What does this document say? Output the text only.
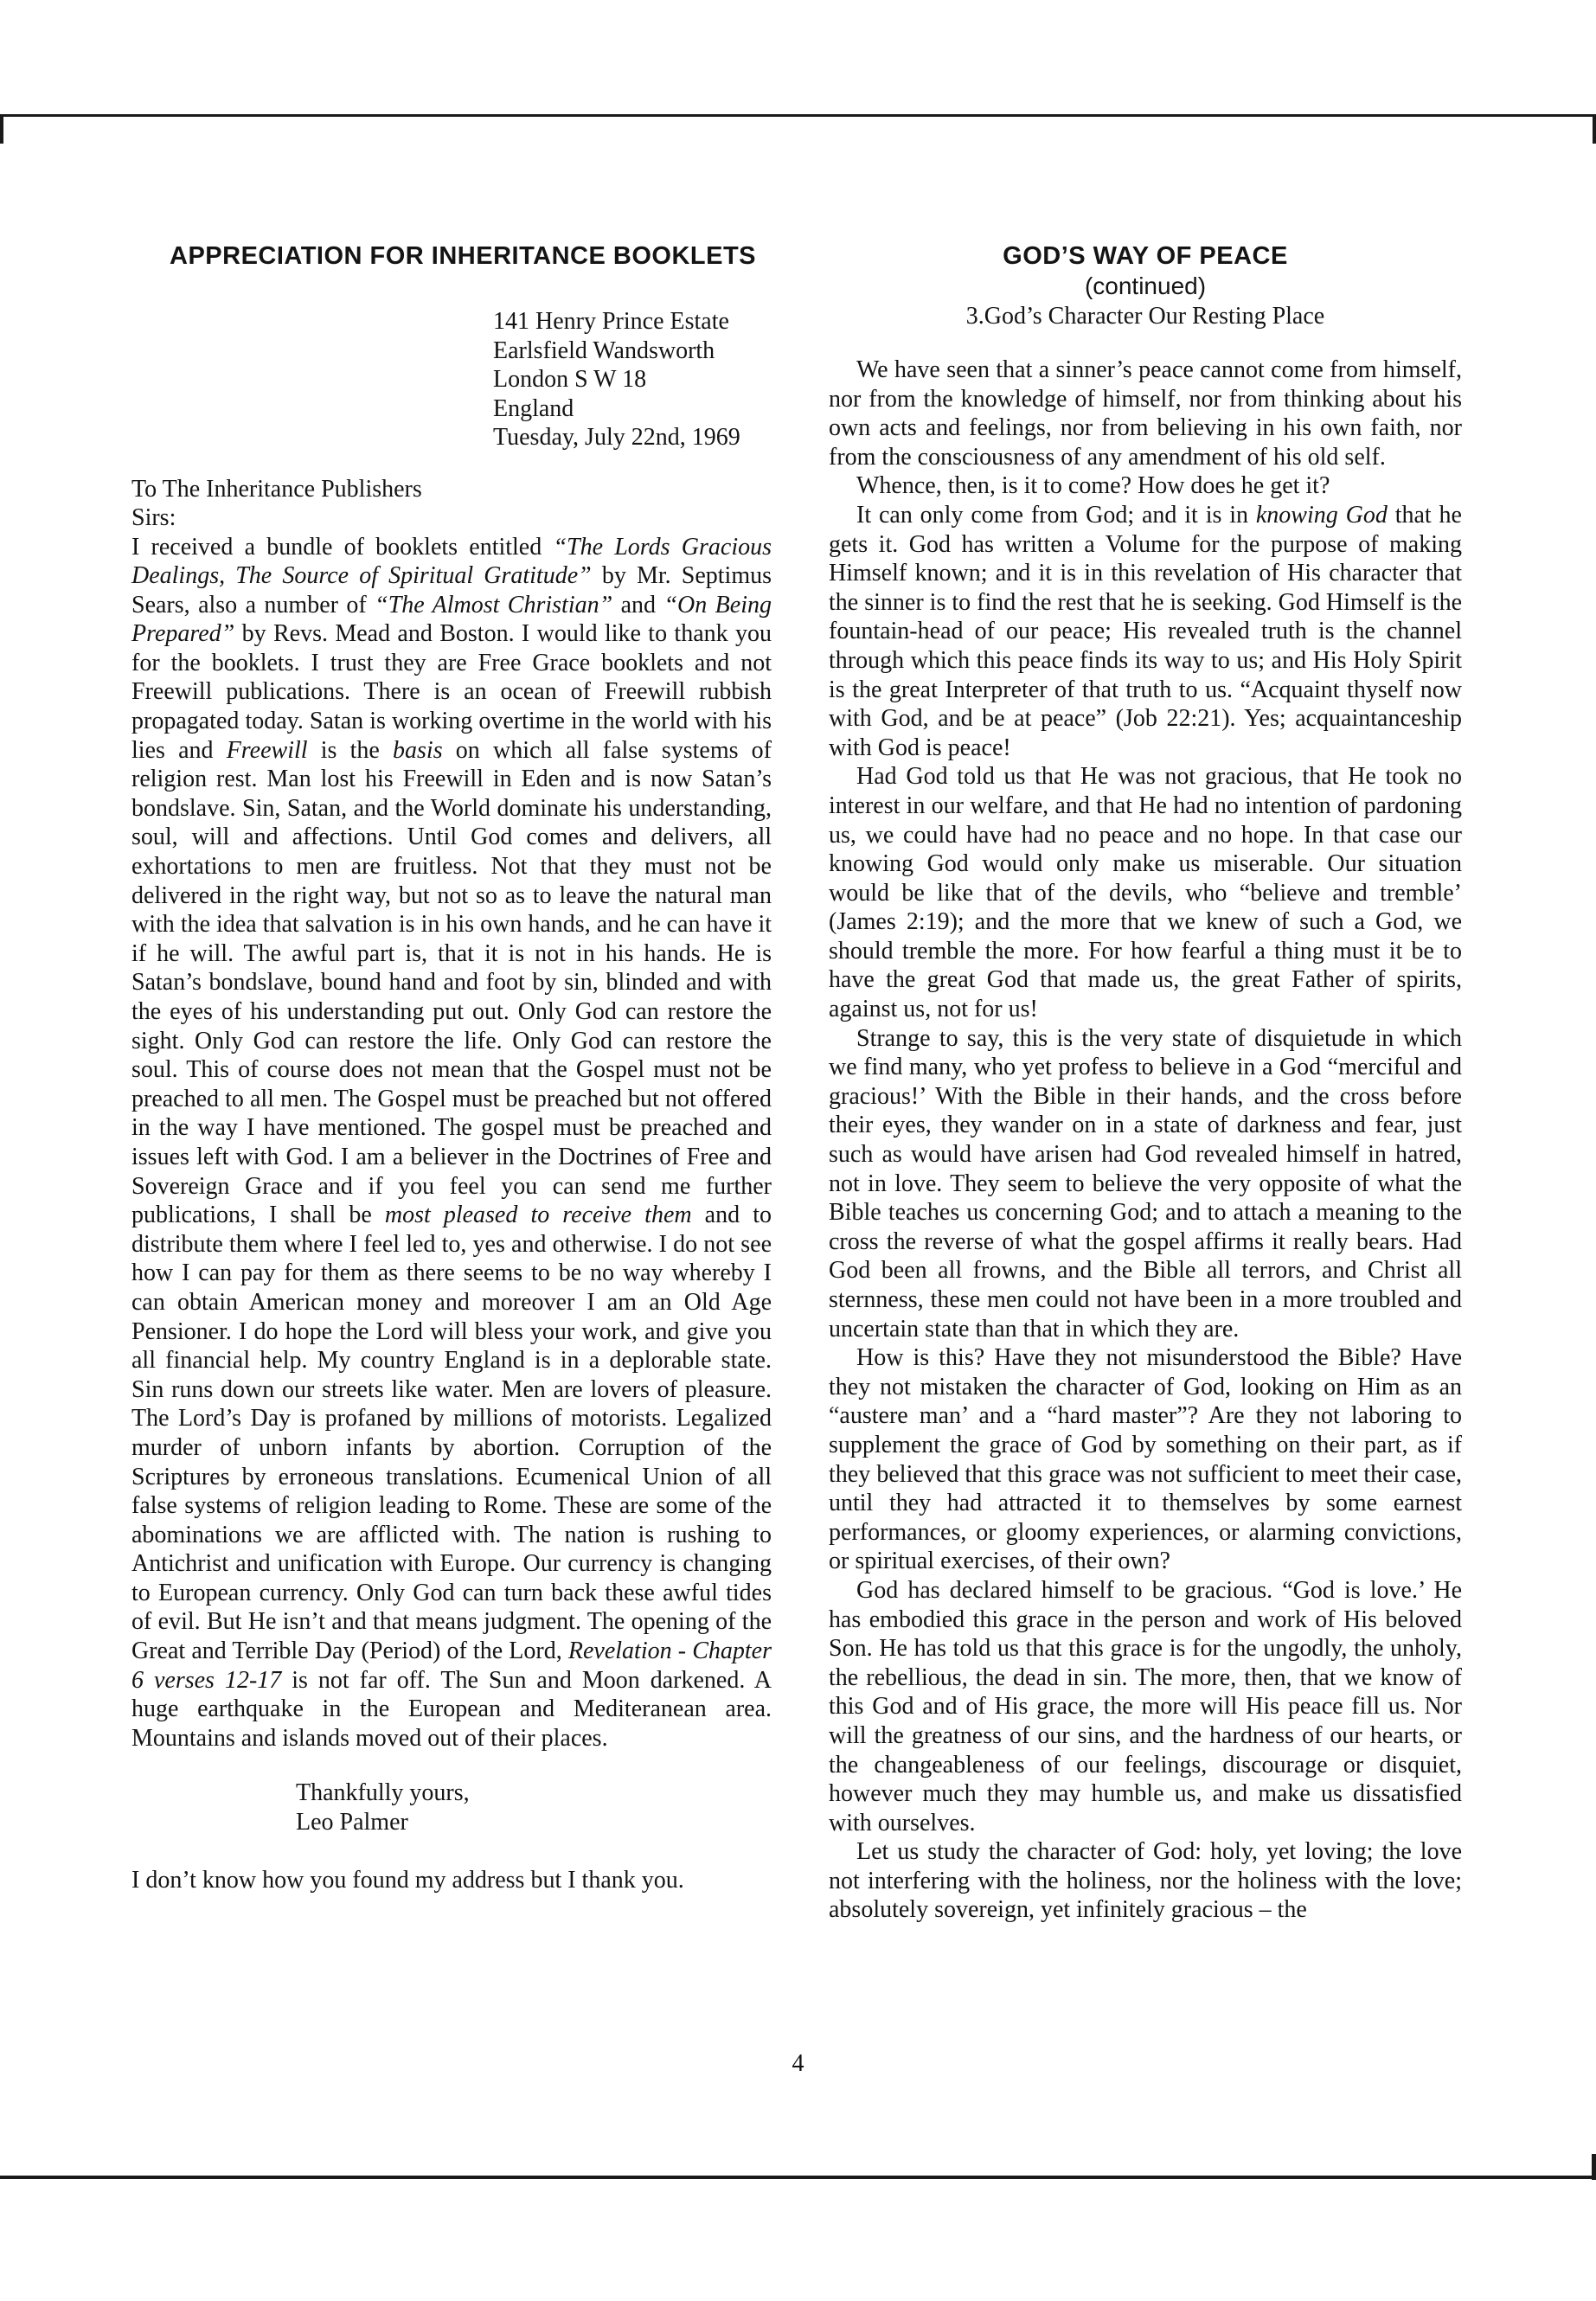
APPRECIATION FOR INHERITANCE BOOKLETS
141 Henry Prince Estate
Earlsfield Wandsworth
London S W 18
England
Tuesday, July 22nd, 1969
To The Inheritance Publishers
Sirs:

I received a bundle of booklets entitled “The Lords Gracious Dealings, The Source of Spiritual Gratitude” by Mr. Septimus Sears, also a number of “The Almost Christian” and “On Being Prepared” by Revs. Mead and Boston. I would like to thank you for the booklets. I trust they are Free Grace booklets and not Freewill publications. There is an ocean of Freewill rubbish propagated today. Satan is working overtime in the world with his lies and Freewill is the basis on which all false systems of religion rest. Man lost his Freewill in Eden and is now Satan’s bondslave. Sin, Satan, and the World dominate his understanding, soul, will and affections. Until God comes and delivers, all exhortations to men are fruitless. Not that they must not be delivered in the right way, but not so as to leave the natural man with the idea that salvation is in his own hands, and he can have it if he will. The awful part is, that it is not in his hands. He is Satan’s bondslave, bound hand and foot by sin, blinded and with the eyes of his understanding put out. Only God can restore the sight. Only God can restore the life. Only God can restore the soul. This of course does not mean that the Gospel must not be preached to all men. The Gospel must be preached but not offered in the way I have mentioned. The gospel must be preached and issues left with God. I am a believer in the Doctrines of Free and Sovereign Grace and if you feel you can send me further publications, I shall be most pleased to receive them and to distribute them where I feel led to, yes and otherwise. I do not see how I can pay for them as there seems to be no way whereby I can obtain American money and moreover I am an Old Age Pensioner. I do hope the Lord will bless your work, and give you all financial help. My country England is in a deplorable state. Sin runs down our streets like water. Men are lovers of pleasure. The Lord’s Day is profaned by millions of motorists. Legalized murder of unborn infants by abortion. Corruption of the Scriptures by erroneous translations. Ecumenical Union of all false systems of religion leading to Rome. These are some of the abominations we are afflicted with. The nation is rushing to Antichrist and unification with Europe. Our currency is changing to European currency. Only God can turn back these awful tides of evil. But He isn’t and that means judgment. The opening of the Great and Terrible Day (Period) of the Lord, Revelation - Chapter 6 verses 12-17 is not far off. The Sun and Moon darkened. A huge earthquake in the European and Mediteranean area. Mountains and islands moved out of their places.

Thankfully yours,
Leo Palmer
I don’t know how you found my address but I thank you.
GOD’S WAY OF PEACE
(continued)
3.God’s Character Our Resting Place

We have seen that a sinner’s peace cannot come from himself, nor from the knowledge of himself, nor from thinking about his own acts and feelings, nor from believing in his own faith, nor from the consciousness of any amendment of his old self.

Whence, then, is it to come? How does he get it?

It can only come from God; and it is in knowing God that he gets it. God has written a Volume for the purpose of making Himself known; and it is in this revelation of His character that the sinner is to find the rest that he is seeking. God Himself is the fountain-head of our peace; His revealed truth is the channel through which this peace finds its way to us; and His Holy Spirit is the great Interpreter of that truth to us. “Acquaint thyself now with God, and be at peace” (Job 22:21). Yes; acquaintanceship with God is peace!

Had God told us that He was not gracious, that He took no interest in our welfare, and that He had no intention of pardoning us, we could have had no peace and no hope. In that case our knowing God would only make us miserable. Our situation would be like that of the devils, who “believe and tremble’ (James 2:19); and the more that we knew of such a God, we should tremble the more. For how fearful a thing must it be to have the great God that made us, the great Father of spirits, against us, not for us!

Strange to say, this is the very state of disquietude in which we find many, who yet profess to believe in a God “merciful and gracious!’ With the Bible in their hands, and the cross before their eyes, they wander on in a state of darkness and fear, just such as would have arisen had God revealed himself in hatred, not in love. They seem to believe the very opposite of what the Bible teaches us concerning God; and to attach a meaning to the cross the reverse of what the gospel affirms it really bears. Had God been all frowns, and the Bible all terrors, and Christ all sternness, these men could not have been in a more troubled and uncertain state than that in which they are.

How is this? Have they not misunderstood the Bible? Have they not mistaken the character of God, looking on Him as an “austere man’ and a “hard master”? Are they not laboring to supplement the grace of God by something on their part, as if they believed that this grace was not sufficient to meet their case, until they had attracted it to themselves by some earnest performances, or gloomy experiences, or alarming convictions, or spiritual exercises, of their own?

God has declared himself to be gracious. “God is love.’ He has embodied this grace in the person and work of His beloved Son. He has told us that this grace is for the ungodly, the unholy, the rebellious, the dead in sin. The more, then, that we know of this God and of His grace, the more will His peace fill us. Nor will the greatness of our sins, and the hardness of our hearts, or the changeableness of our feelings, discourage or disquiet, however much they may humble us, and make us dissatisfied with ourselves.

Let us study the character of God: holy, yet loving; the love not interfering with the holiness, nor the holiness with the love; absolutely sovereign, yet infinitely gracious – the

4
